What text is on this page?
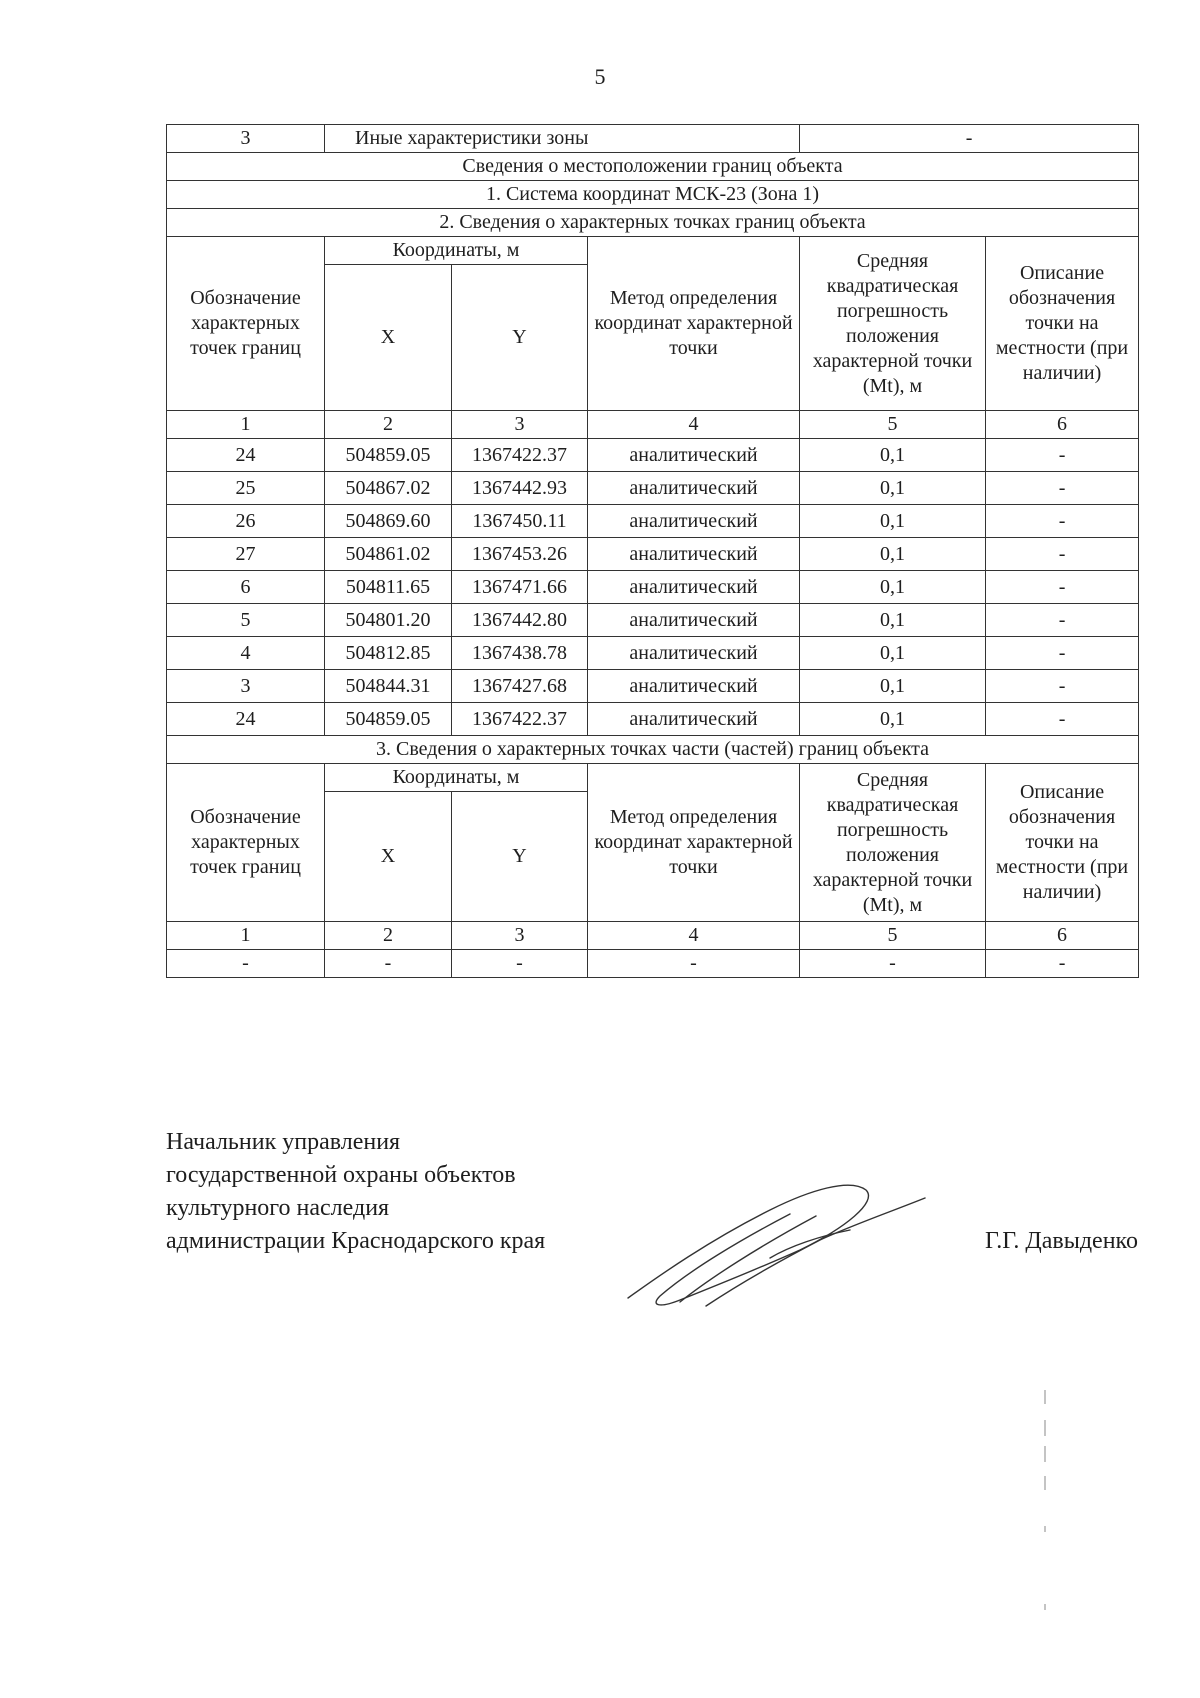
5
3	Иные характеристики зоны			-	
Сведения о местоположении границ объекта					
1. Система координат МСК-23 (Зона 1)					
2. Сведения о характерных точках границ объекта					
Обозначение характерных точек границ	Координаты, м		Метод определения координат характерной точки	Средняя квадратическая погрешность положения характерной точки (Mt), м	Описание обозначения точки на местности (при наличии)
	X	Y			
1	2	3	4	5	6
24	504859.05	1367422.37	аналитический	0,1	-
25	504867.02	1367442.93	аналитический	0,1	-
26	504869.60	1367450.11	аналитический	0,1	-
27	504861.02	1367453.26	аналитический	0,1	-
6	504811.65	1367471.66	аналитический	0,1	-
5	504801.20	1367442.80	аналитический	0,1	-
4	504812.85	1367438.78	аналитический	0,1	-
3	504844.31	1367427.68	аналитический	0,1	-
24	504859.05	1367422.37	аналитический	0,1	-
3. Сведения о характерных точках части (частей) границ объекта					
Обозначение характерных точек границ	Координаты, м		Метод определения координат характерной точки	Средняя квадратическая погрешность положения характерной точки (Mt), м	Описание обозначения точки на местности (при наличии)
	X	Y			
1	2	3	4	5	6
-	-	-	-	-	-
Начальник управления
государственной охраны объектов
культурного наследия
администрации Краснодарского края	Г.Г. Давыденко
